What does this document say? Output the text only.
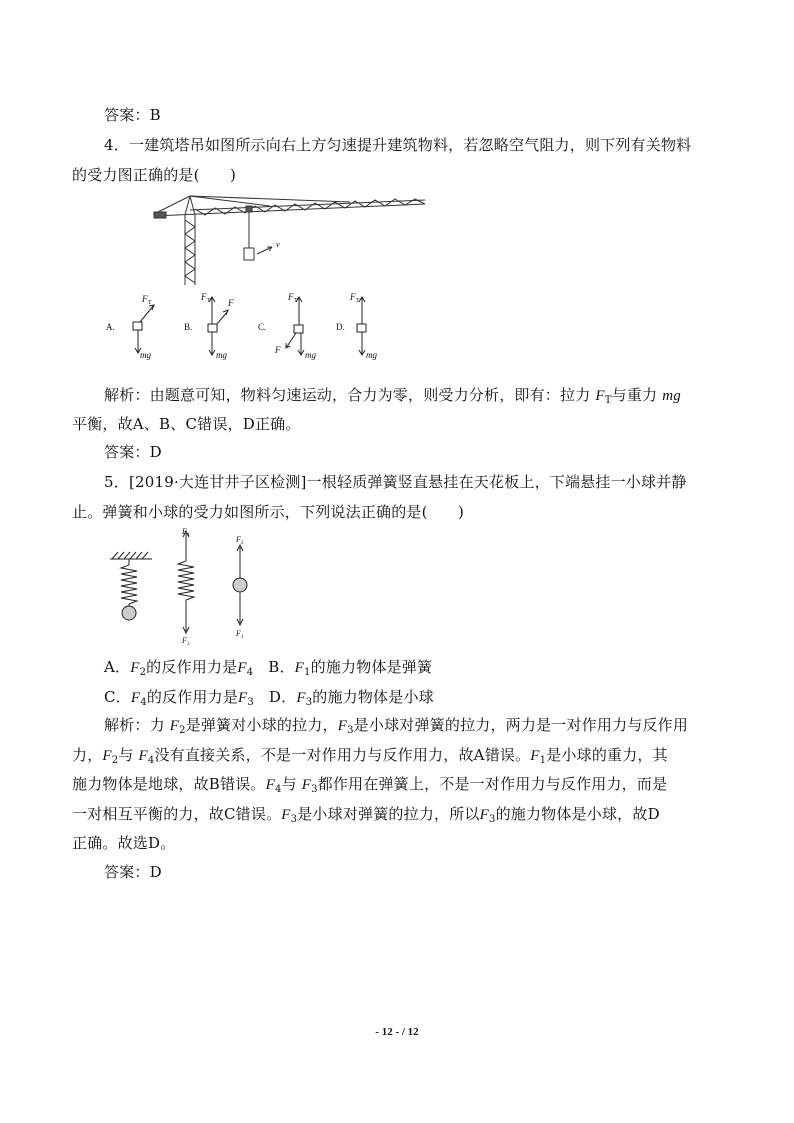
答案：B
4．一建筑塔吊如图所示向右上方匀速提升建筑物料，若忽略空气阻力，则下列有关物料
的受力图正确的是(　　)
v
A.
F T
mg
B.
F T F
mg
C.
F T
F	mg
D.
F T
mg
解析：由题意可知，物料匀速运动，合力为零，则受力分析，即有：拉力 $F_T$与重力 mg
平衡，故A、B、C错误，D正确。
答案：D
5．[2019·大连甘井子区检测]一根轻质弹簧竖直悬挂在天花板上，下端悬挂一小球并静
止。弹簧和小球的受力如图所示，下列说法正确的是(　　)
F 4
F 3
F 2
F 1
A．$F_2$的反作用力是$F_4$ B．$F_1$的施力物体是弹簧
C．$F_4$的反作用力是$F_3$ D．$F_3$的施力物体是小球
解析：力 $F_2$是弹簧对小球的拉力，$F_3$是小球对弹簧的拉力，两力是一对作用力与反作用
力，$F_2$与 $F_4$没有直接关系，不是一对作用力与反作用力，故A错误。$F_1$是小球的重力，其
施力物体是地球，故B错误。$F_4$与 $F_3$都作用在弹簧上，不是一对作用力与反作用力，而是
一对相互平衡的力，故C错误。$F_3$是小球对弹簧的拉力，所以$F_3$的施力物体是小球，故D
正确。故选D。
答案：D
- 12 - / 12
